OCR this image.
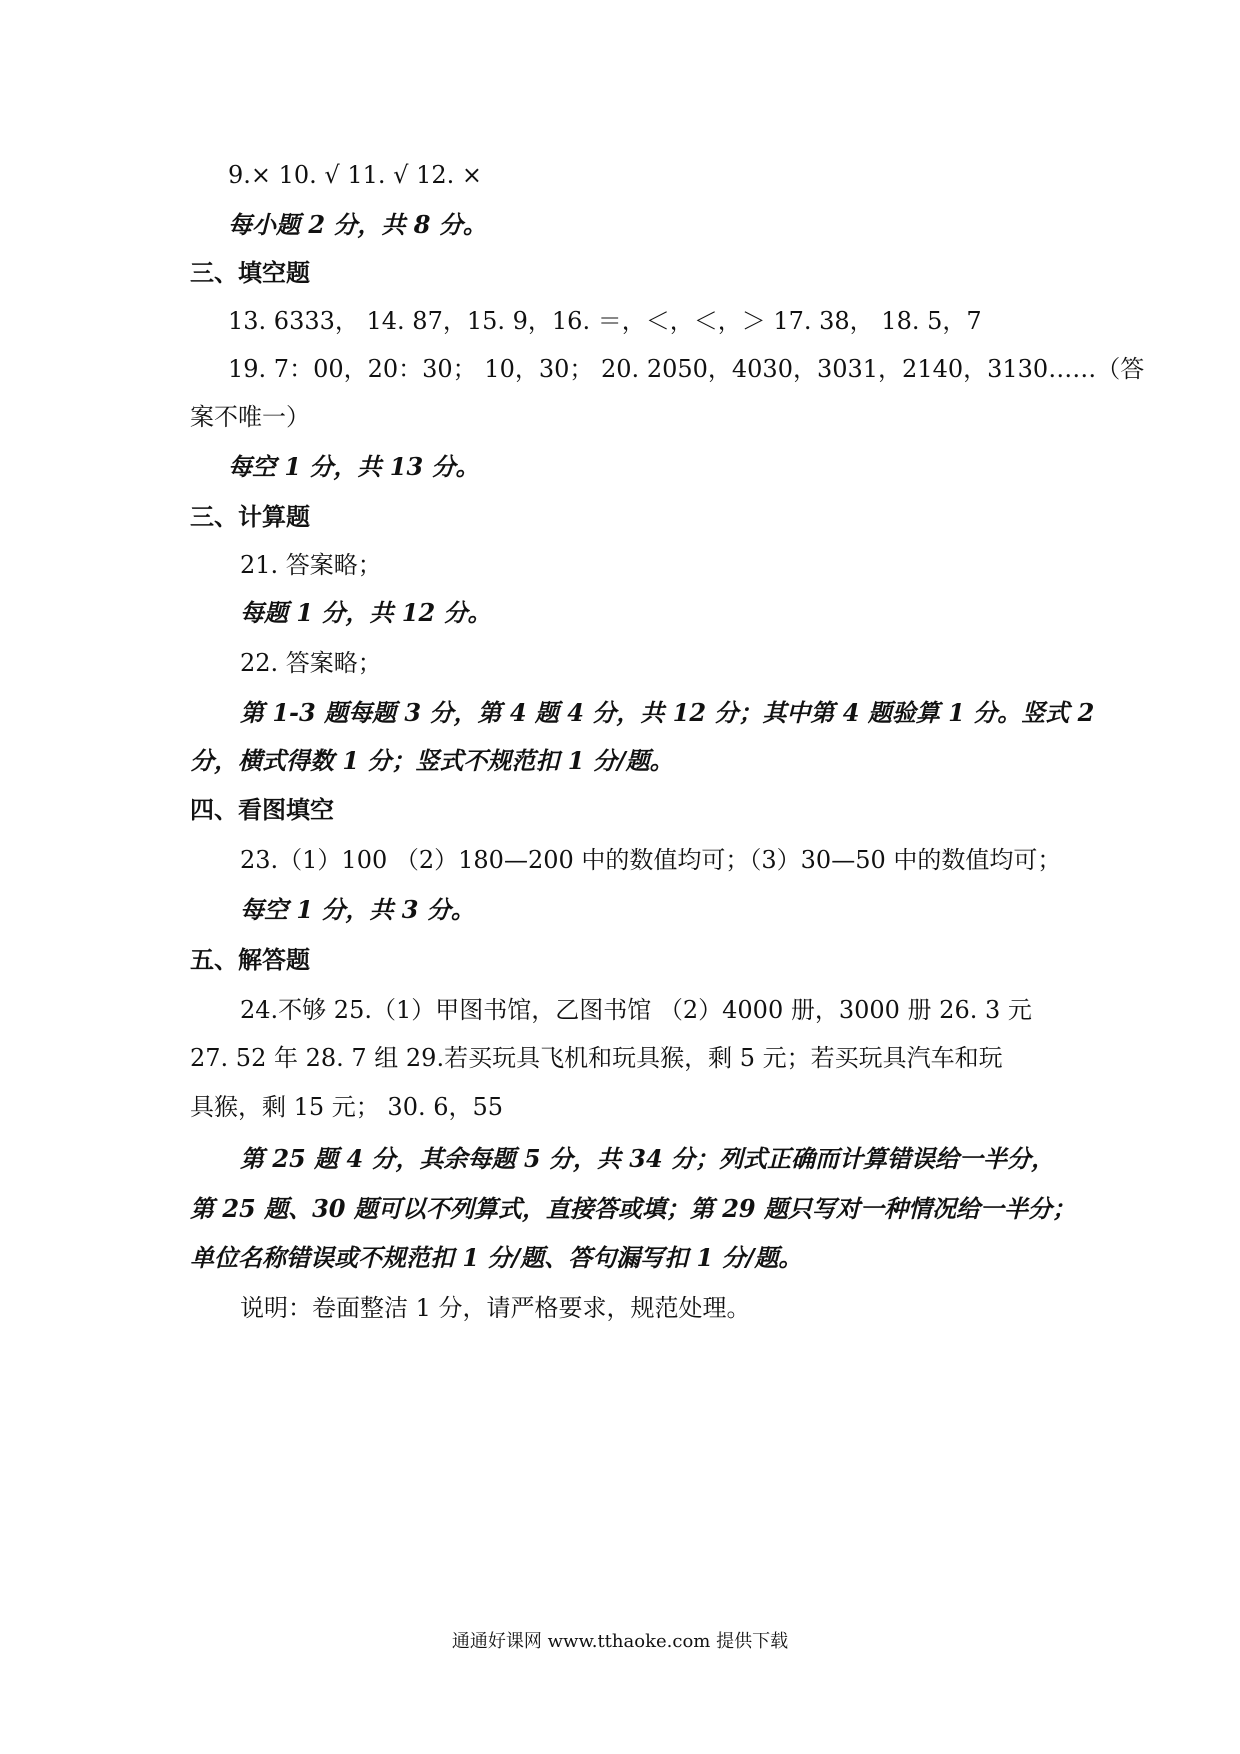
9.× 10. √ 11. √ 12. ×
每小题 2 分，共 8 分。
三、填空题
13. 6333， 14. 87，15. 9，16. ＝，＜，＜，＞ 17. 38， 18. 5，7
19. 7：00，20：30； 10，30； 20. 2050，4030，3031，2140，3130……（答
案不唯一）
每空 1 分，共 13 分。
三、计算题
21. 答案略；
每题 1 分，共 12 分。
22. 答案略；
第 1-3 题每题 3 分，第 4 题 4 分，共 12 分；其中第 4 题验算 1 分。竖式 2
分，横式得数 1 分；竖式不规范扣 1 分/题。
四、看图填空
23.（1）100 （2）180—200 中的数值均可；（3）30—50 中的数值均可；
每空 1 分，共 3 分。
五、解答题
24.不够 25.（1）甲图书馆，乙图书馆 （2）4000 册，3000 册 26. 3 元
27. 52 年 28. 7 组 29.若买玩具飞机和玩具猴，剩 5 元；若买玩具汽车和玩
具猴，剩 15 元； 30. 6，55
第 25 题 4 分，其余每题 5 分，共 34 分；列式正确而计算错误给一半分，
第 25 题、30 题可以不列算式，直接答或填；第 29 题只写对一种情况给一半分；
单位名称错误或不规范扣 1 分/题、答句漏写扣 1 分/题。
说明：卷面整洁 1 分，请严格要求，规范处理。
通通好课网 www.tthaoke.com 提供下载
